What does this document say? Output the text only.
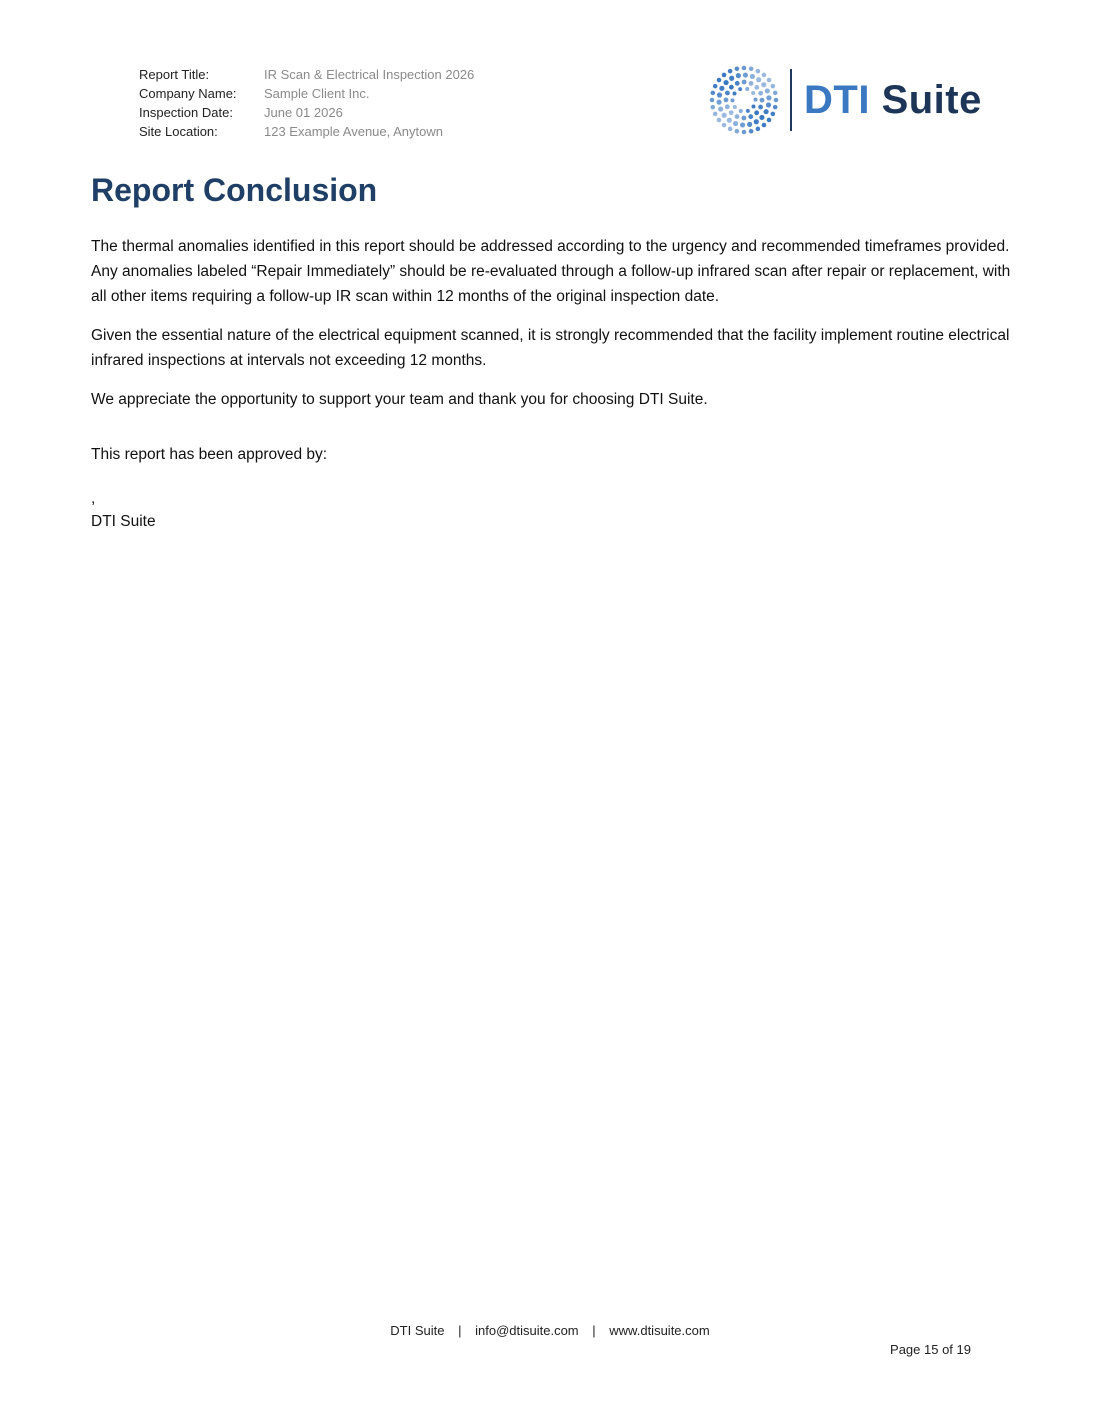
Report Title:	IR Scan & Electrical Inspection 2026
Company Name:	Sample Client Inc.
Inspection Date:	June 01 2026
Site Location:	123 Example Avenue, Anytown
DTI Suite
Report Conclusion

The thermal anomalies identified in this report should be addressed according to the urgency and recommended timeframes provided. Any anomalies labeled “Repair Immediately” should be re-evaluated through a follow-up infrared scan after repair or replacement, with all other items requiring a follow-up IR scan within 12 months of the original inspection date.

Given the essential nature of the electrical equipment scanned, it is strongly recommended that the facility implement routine electrical infrared inspections at intervals not exceeding 12 months.

We appreciate the opportunity to support your team and thank you for choosing DTI Suite.

This report has been approved by:

,

DTI Suite

DTI Suite | info@dtisuite.com | www.dtisuite.com
Page 15 of 19
